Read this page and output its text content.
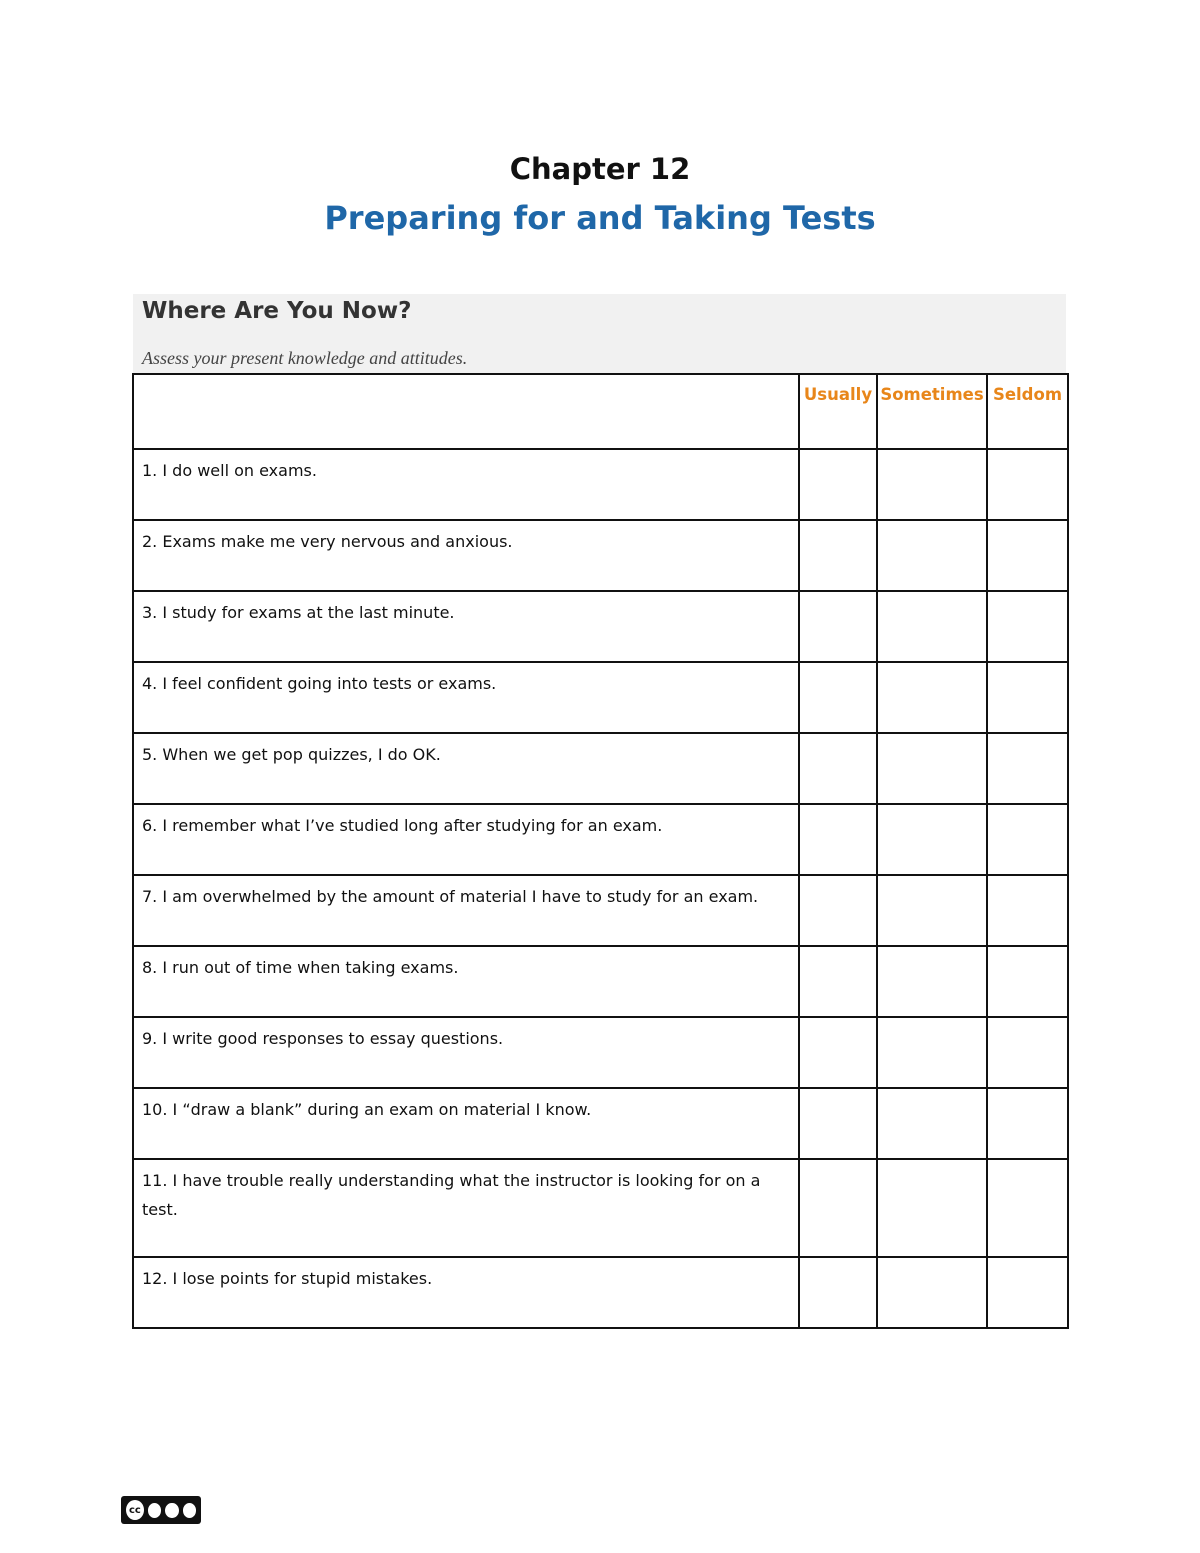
Chapter 12
Preparing for and Taking Tests
Where Are You Now?
Assess your present knowledge and attitudes.
	Usually	Sometimes	Seldom
1. I do well on exams.			
2. Exams make me very nervous and anxious.			
3. I study for exams at the last minute.			
4. I feel confident going into tests or exams.			
5. When we get pop quizzes, I do OK.			
6. I remember what I’ve studied long after studying for an exam.			
7. I am overwhelmed by the amount of material I have to study for an exam.			
8. I run out of time when taking exams.			
9. I write good responses to essay questions.			
10. I “draw a blank” during an exam on material I know.			
11. I have trouble really understanding what the instructor is looking for on a test.			
12. I lose points for stupid mistakes.			
cc
